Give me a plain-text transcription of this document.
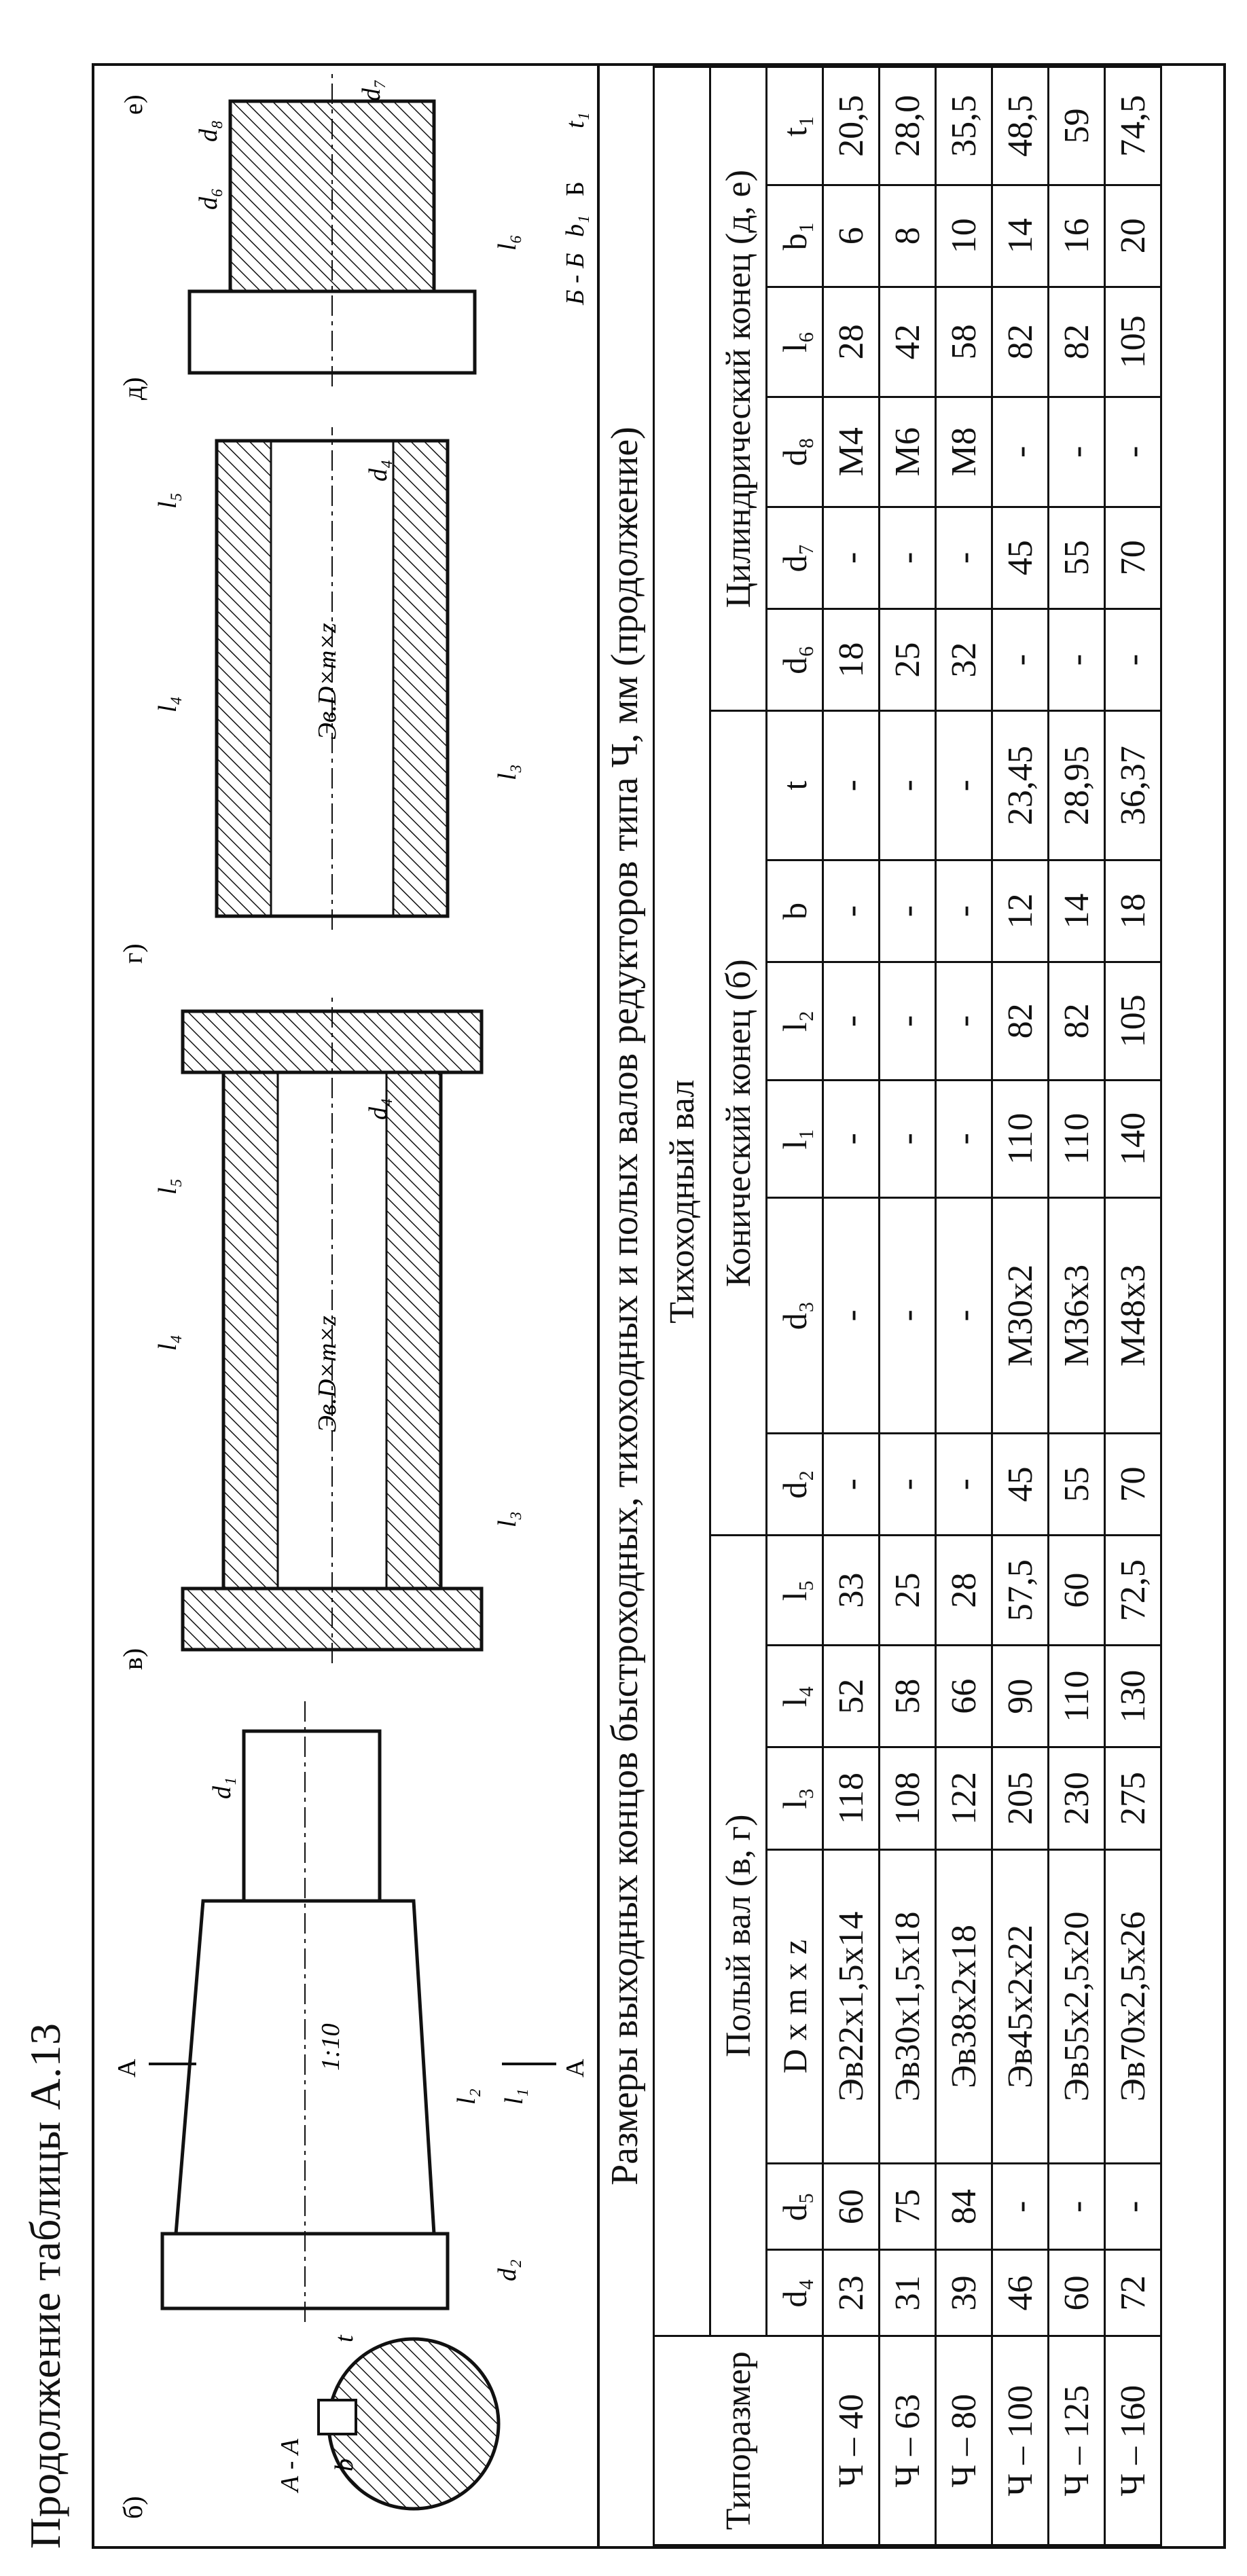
Продолжение таблицы А.13 б)
А - А b
t
d₁
d₂
l₂ l₁
1:10
А	А
в)
Эв.D×m×z
l₄
l₃
l₅
d₄
г)
Эв.D×m×z
l₄
l₃
l₅
d₄
д)
l₆
d₆
d₈
d₇
е)
Б
Б - Б
b₁
t₁
Размеры выходных концов быстроходных, тихоходных и полых валов редукторов типа Ч, мм (продолжение)
Типоразмер	Тихоходный вал																	
	Полый вал (в, г)						Конический конец (б)						Цилиндрический конец (д, е)					
	d₄	d₅	D x m x z	l₃	l₄	l₅	d₂	d₃	l₁	l₂	b	t	d₆	d₇	d₈	l₆	b₁	t₁
Ч – 40	23	60	Эв22х1,5х14	118	52	33	-	-	-	-	-	-	18	-	М4	28	6	20,5
Ч – 63	31	75	Эв30х1,5х18	108	58	25	-	-	-	-	-	-	25	-	М6	42	8	28,0
Ч – 80	39	84	Эв38х2х18	122	66	28	-	-	-	-	-	-	32	-	М8	58	10	35,5
Ч – 100	46	-	Эв45х2х22	205	90	57,5	45	М30х2	110	82	12	23,45	-	45	-	82	14	48,5
Ч – 125	60	-	Эв55х2,5х20	230	110	60	55	М36х3	110	82	14	28,95	-	55	-	82	16	59
Ч – 160	72	-	Эв70х2,5х26	275	130	72,5	70	М48х3	140	105	18	36,37	-	70	-	105	20	74,5
